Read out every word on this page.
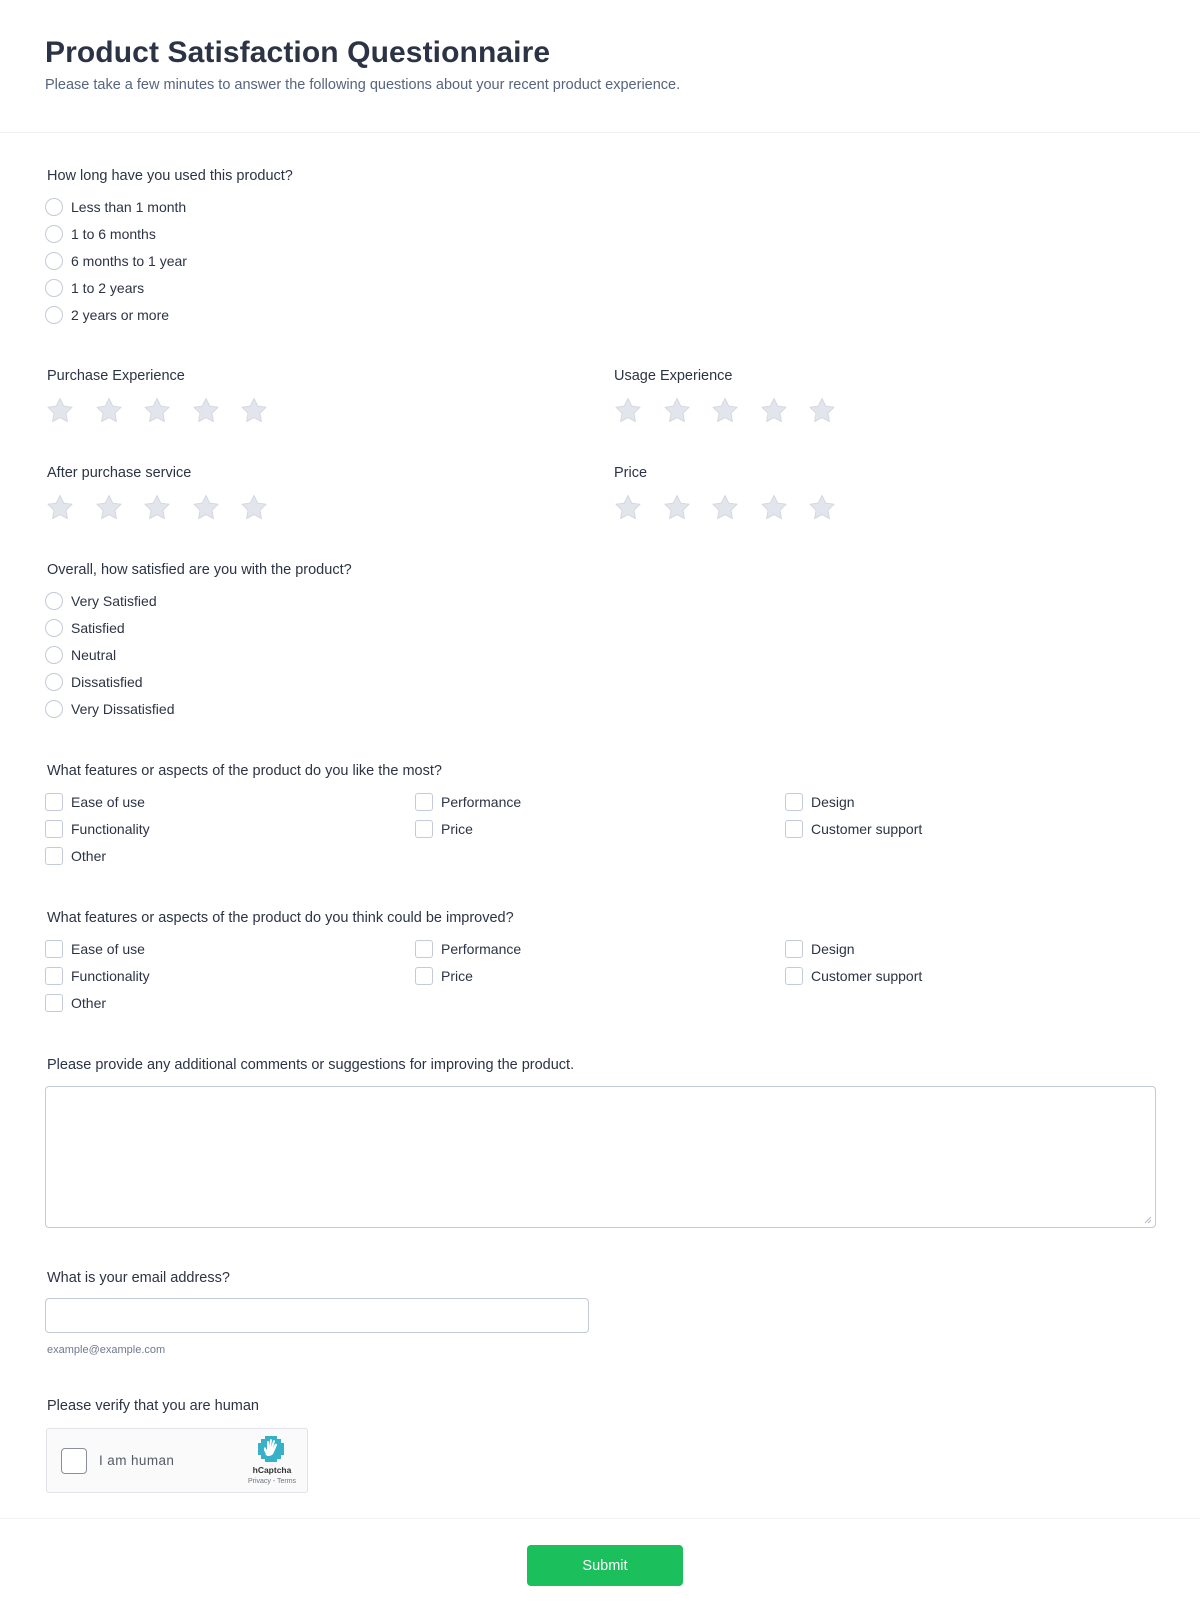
Product Satisfaction Questionnaire

Please take a few minutes to answer the following questions about your recent product experience.

How long have you used this product?
Less than 1 month
1 to 6 months
6 months to 1 year
1 to 2 years
2 years or more
Purchase Experience	Usage Experience
After purchase service	Price
Overall, how satisfied are you with the product?
Very Satisfied
Satisfied
Neutral
Dissatisfied
Very Dissatisfied
What features or aspects of the product do you like the most?
Ease of use	Performance	Design
Functionality	Price	Customer support
Other
What features or aspects of the product do you think could be improved?
Ease of use	Performance	Design
Functionality	Price	Customer support
Other
Please provide any additional comments or suggestions for improving the product.
What is your email address?
example@example.com
Please verify that you are human
I am human
hCaptcha
Privacy - Terms
Submit
